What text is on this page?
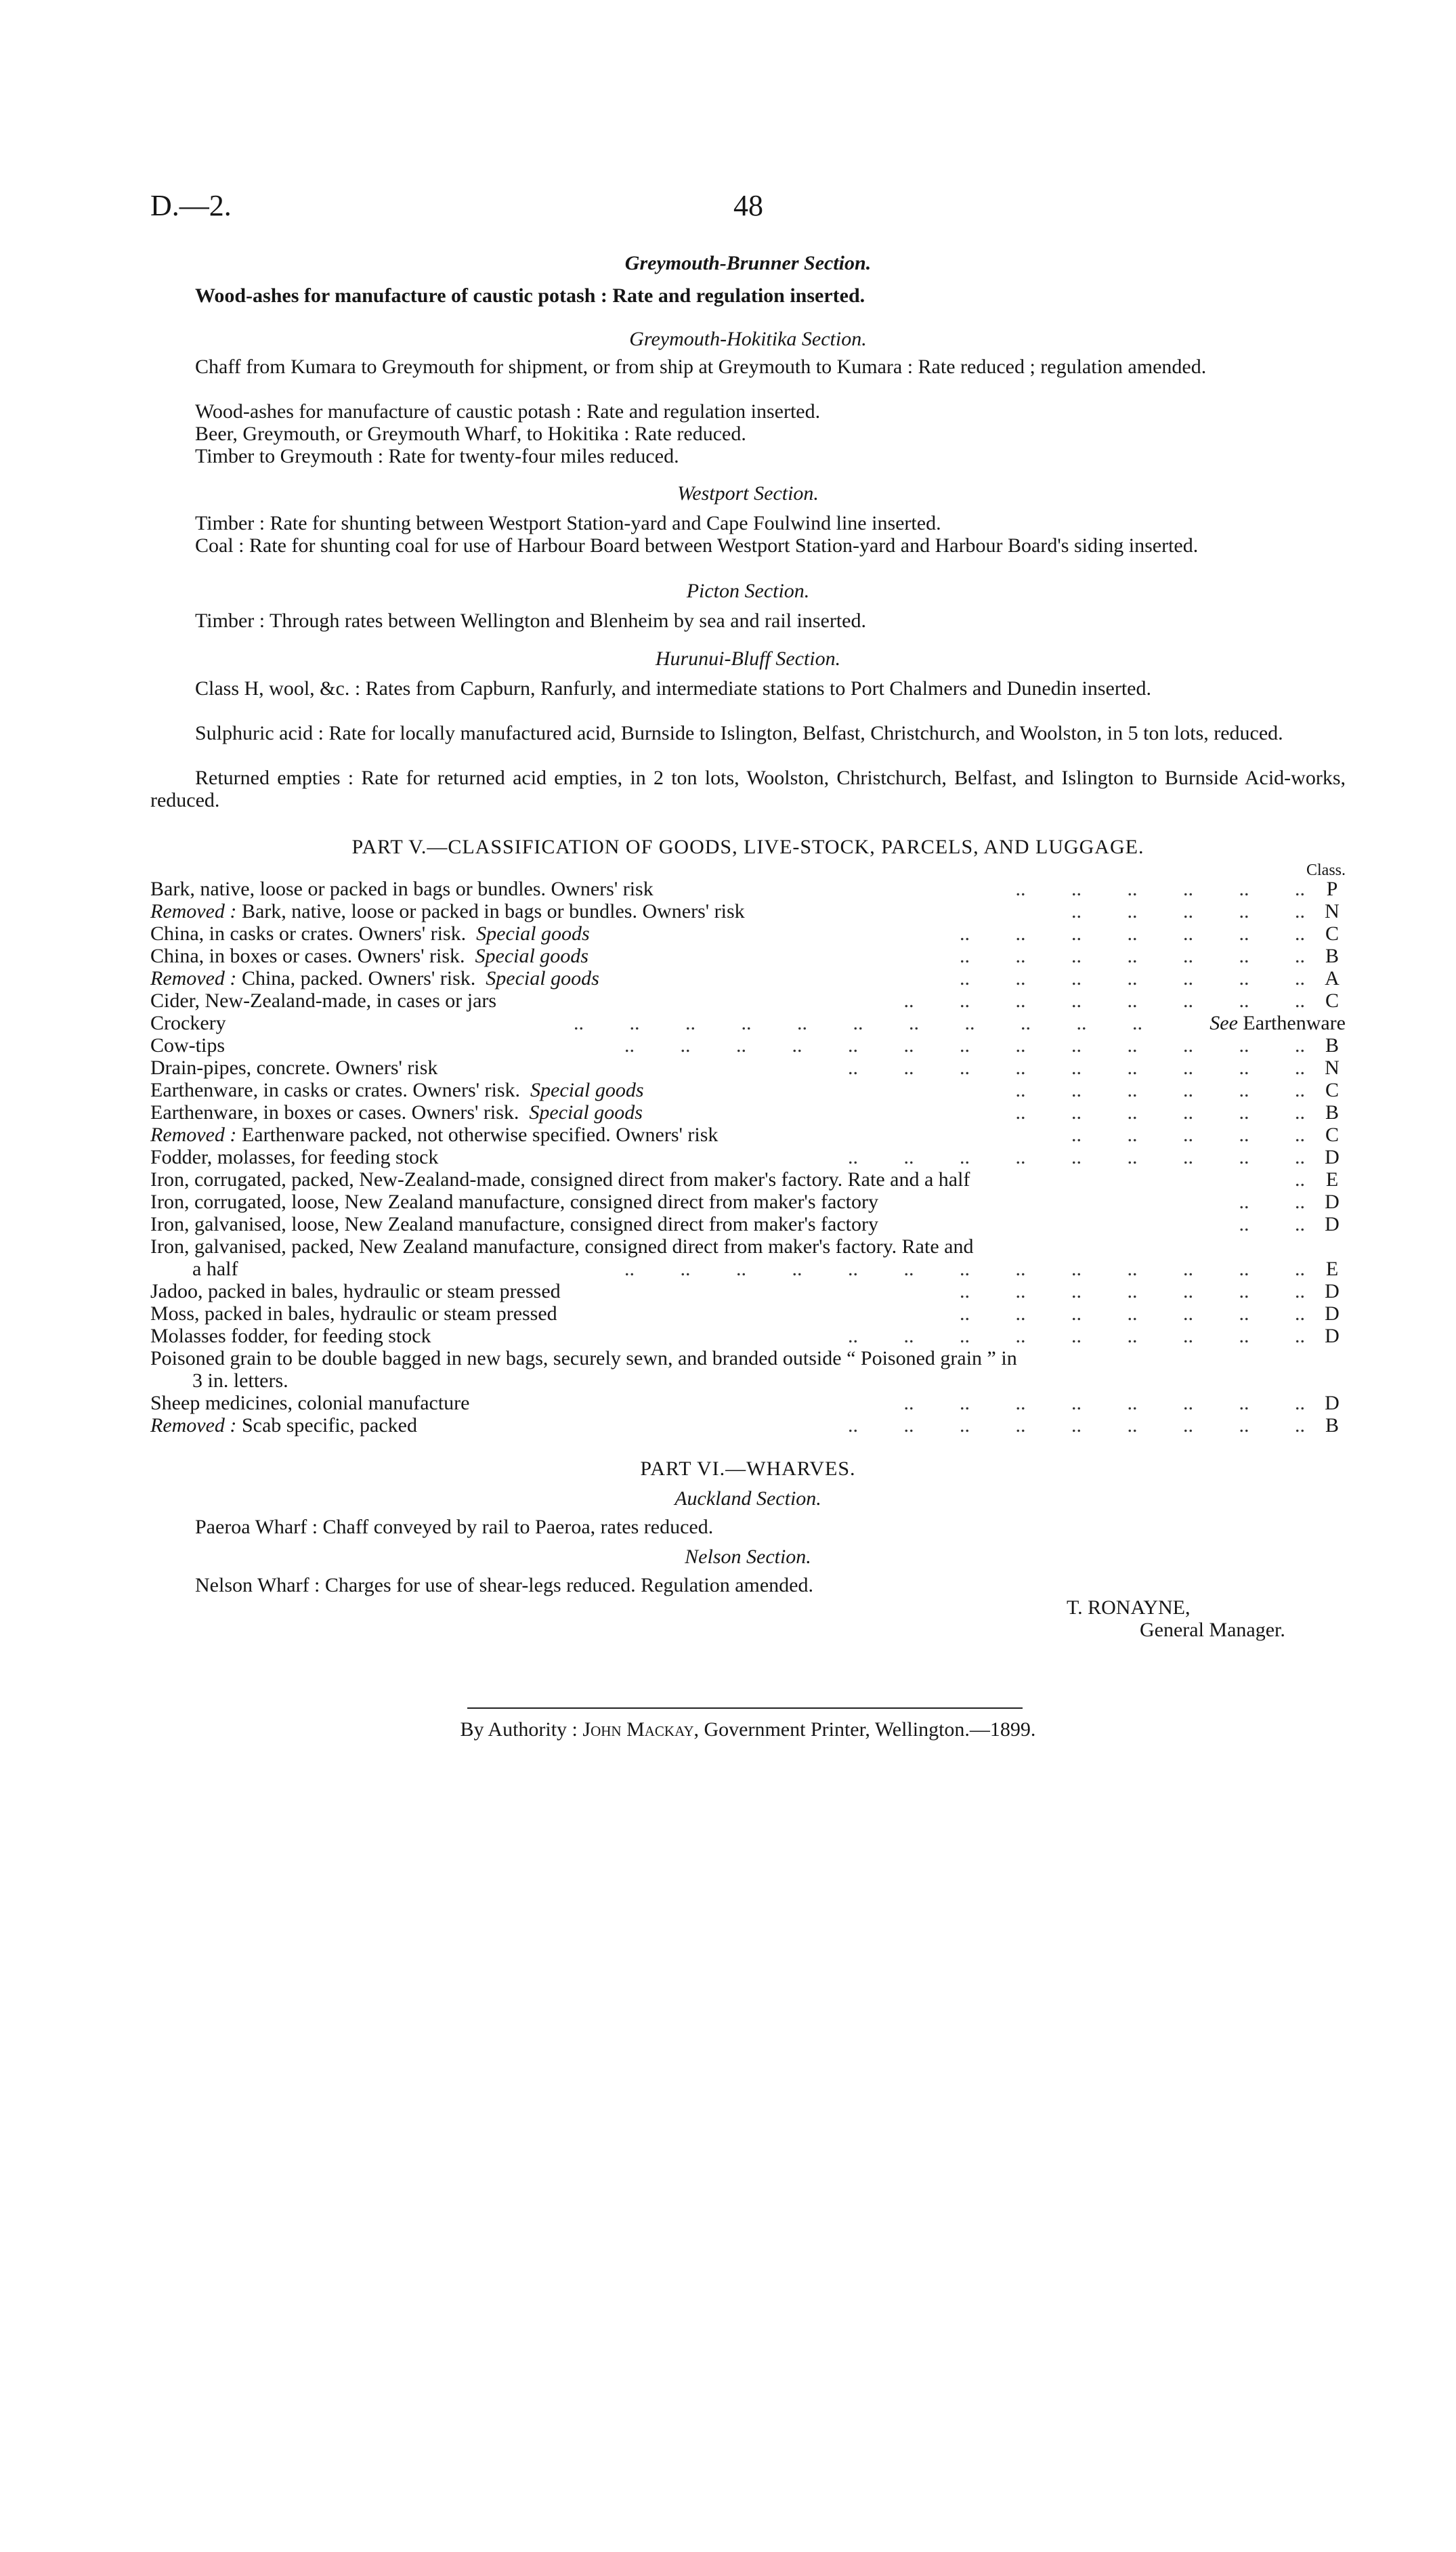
D.—2.	48
Greymouth-Brunner Section.
Wood-ashes for manufacture of caustic potash : Rate and regulation inserted.
Greymouth-Hokitika Section.
Chaff from Kumara to Greymouth for shipment, or from ship at Greymouth to Kumara : Rate reduced ; regulation amended.
Wood-ashes for manufacture of caustic potash : Rate and regulation inserted.
Beer, Greymouth, or Greymouth Wharf, to Hokitika : Rate reduced.
Timber to Greymouth : Rate for twenty-four miles reduced.
Westport Section.
Timber : Rate for shunting between Westport Station-yard and Cape Foulwind line inserted.
Coal : Rate for shunting coal for use of Harbour Board between Westport Station-yard and Harbour Board's siding inserted.
Picton Section.
Timber : Through rates between Wellington and Blenheim by sea and rail inserted.
Hurunui-Bluff Section.
Class H, wool, &c. : Rates from Capburn, Ranfurly, and intermediate stations to Port Chalmers and Dunedin inserted.
Sulphuric acid : Rate for locally manufactured acid, Burnside to Islington, Belfast, Christchurch, and Woolston, in 5 ton lots, reduced.
Returned empties : Rate for returned acid empties, in 2 ton lots, Woolston, Christchurch, Belfast, and Islington to Burnside Acid-works, reduced.
PART V.—CLASSIFICATION OF GOODS, LIVE-STOCK, PARCELS, AND LUGGAGE.
Class.
Bark, native, loose or packed in bags or bundles. Owners' risk	..         ..         ..         ..         ..         ..	P
Removed : Bark, native, loose or packed in bags or bundles. Owners' risk	..         ..         ..         ..         .. N
China, in casks or crates. Owners' risk. Special goods	..         ..         ..         ..         ..         ..         .. C
China, in boxes or cases. Owners' risk. Special goods	..         ..         ..         ..         ..         ..         .. B
Removed : China, packed. Owners' risk. Special goods	..         ..         ..         ..         ..         ..         .. A
Cider, New-Zealand-made, in cases or jars	..         ..         ..         ..         ..         ..         ..         .. C
Crockery	..         ..         ..         ..         ..         ..         ..         ..         ..         ..         ..	See Earthenware
Cow-tips	..         ..         ..         ..         ..         ..         ..         ..         ..         ..         ..         ..         .. B
Drain-pipes, concrete. Owners' risk	..         ..         ..         ..         ..         ..         ..         ..         .. N
Earthenware, in casks or crates. Owners' risk. Special goods	..         ..         ..         ..         ..         .. C
Earthenware, in boxes or cases. Owners' risk. Special goods	..         ..         ..         ..         ..         .. B
Removed : Earthenware packed, not otherwise specified. Owners' risk	..         ..         ..         ..         .. C
Fodder, molasses, for feeding stock	..         ..         ..         ..         ..         ..         ..         ..         .. D
Iron, corrugated, packed, New-Zealand-made, consigned direct from maker's factory. Rate and a half	..	E
Iron, corrugated, loose, New Zealand manufacture, consigned direct from maker's factory	..         .. D
Iron, galvanised, loose, New Zealand manufacture, consigned direct from maker's factory	..         .. D
Iron, galvanised, packed, New Zealand manufacture, consigned direct from maker's factory. Rate and
a half	..         ..         ..         ..         ..         ..         ..         ..         ..         ..         ..         ..         ..	E
Jadoo, packed in bales, hydraulic or steam pressed	..         ..         ..         ..         ..         ..         .. D
Moss, packed in bales, hydraulic or steam pressed	..         ..         ..         ..         ..         ..         .. D
Molasses fodder, for feeding stock	..         ..         ..         ..         ..         ..         ..         ..         .. D
Poisoned grain to be double bagged in new bags, securely sewn, and branded outside “ Poisoned grain ” in
3 in. letters.
Sheep medicines, colonial manufacture	..         ..         ..         ..         ..         ..         ..         .. D
Removed : Scab specific, packed	..         ..         ..         ..         ..         ..         ..         ..         .. B
PART VI.—WHARVES.
Auckland Section.
Paeroa Wharf : Chaff conveyed by rail to Paeroa, rates reduced.
Nelson Section.
Nelson Wharf : Charges for use of shear-legs reduced. Regulation amended.
T. RONAYNE,
General Manager.
By Authority : John Mackay, Government Printer, Wellington.—1899.
